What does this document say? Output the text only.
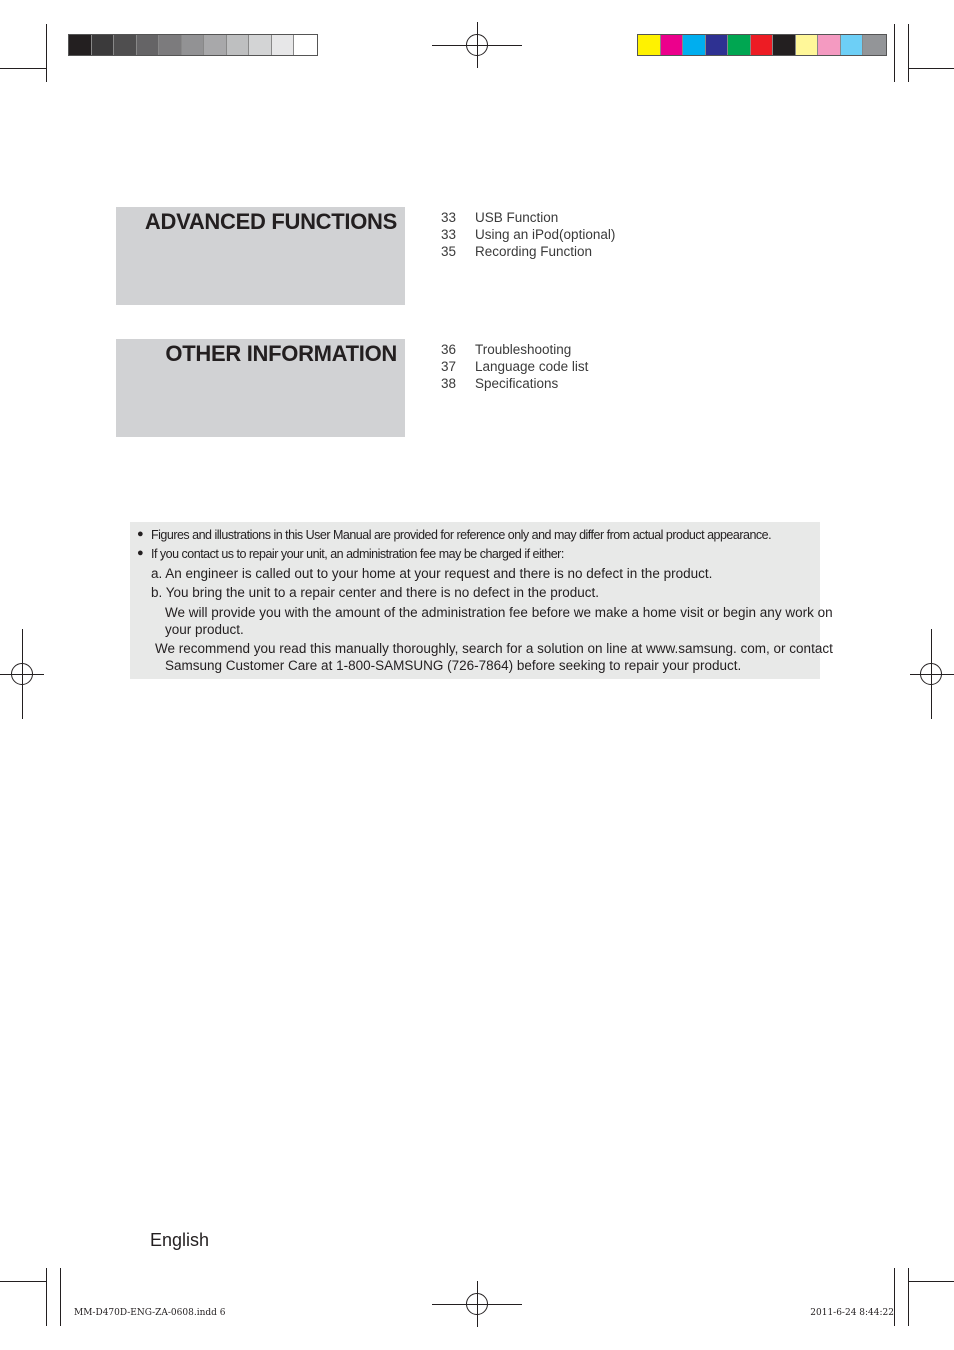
ADVANCED FUNCTIONS	33 USB Function
33 Using an iPod(optional)
35 Recording Function
OTHER INFORMATION	36 Troubleshooting
37 Language code list
38 Specifications
● Figures and illustrations in this User Manual are provided for reference only and may differ from actual product appearance.
● If you contact us to repair your unit, an administration fee may be charged if either:
a. An engineer is called out to your home at your request and there is no defect in the product.
b. You bring the unit to a repair center and there is no defect in the product.
We will provide you with the amount of the administration fee before we make a home visit or begin any work on
your product.
We recommend you read this manually thoroughly, search for a solution on line at www.samsung. com, or contact
Samsung Customer Care at 1-800-SAMSUNG (726-7864) before seeking to repair your product.
English
MM-D470D-ENG-ZA-0608.indd 6	2011-6-24 8:44:22
